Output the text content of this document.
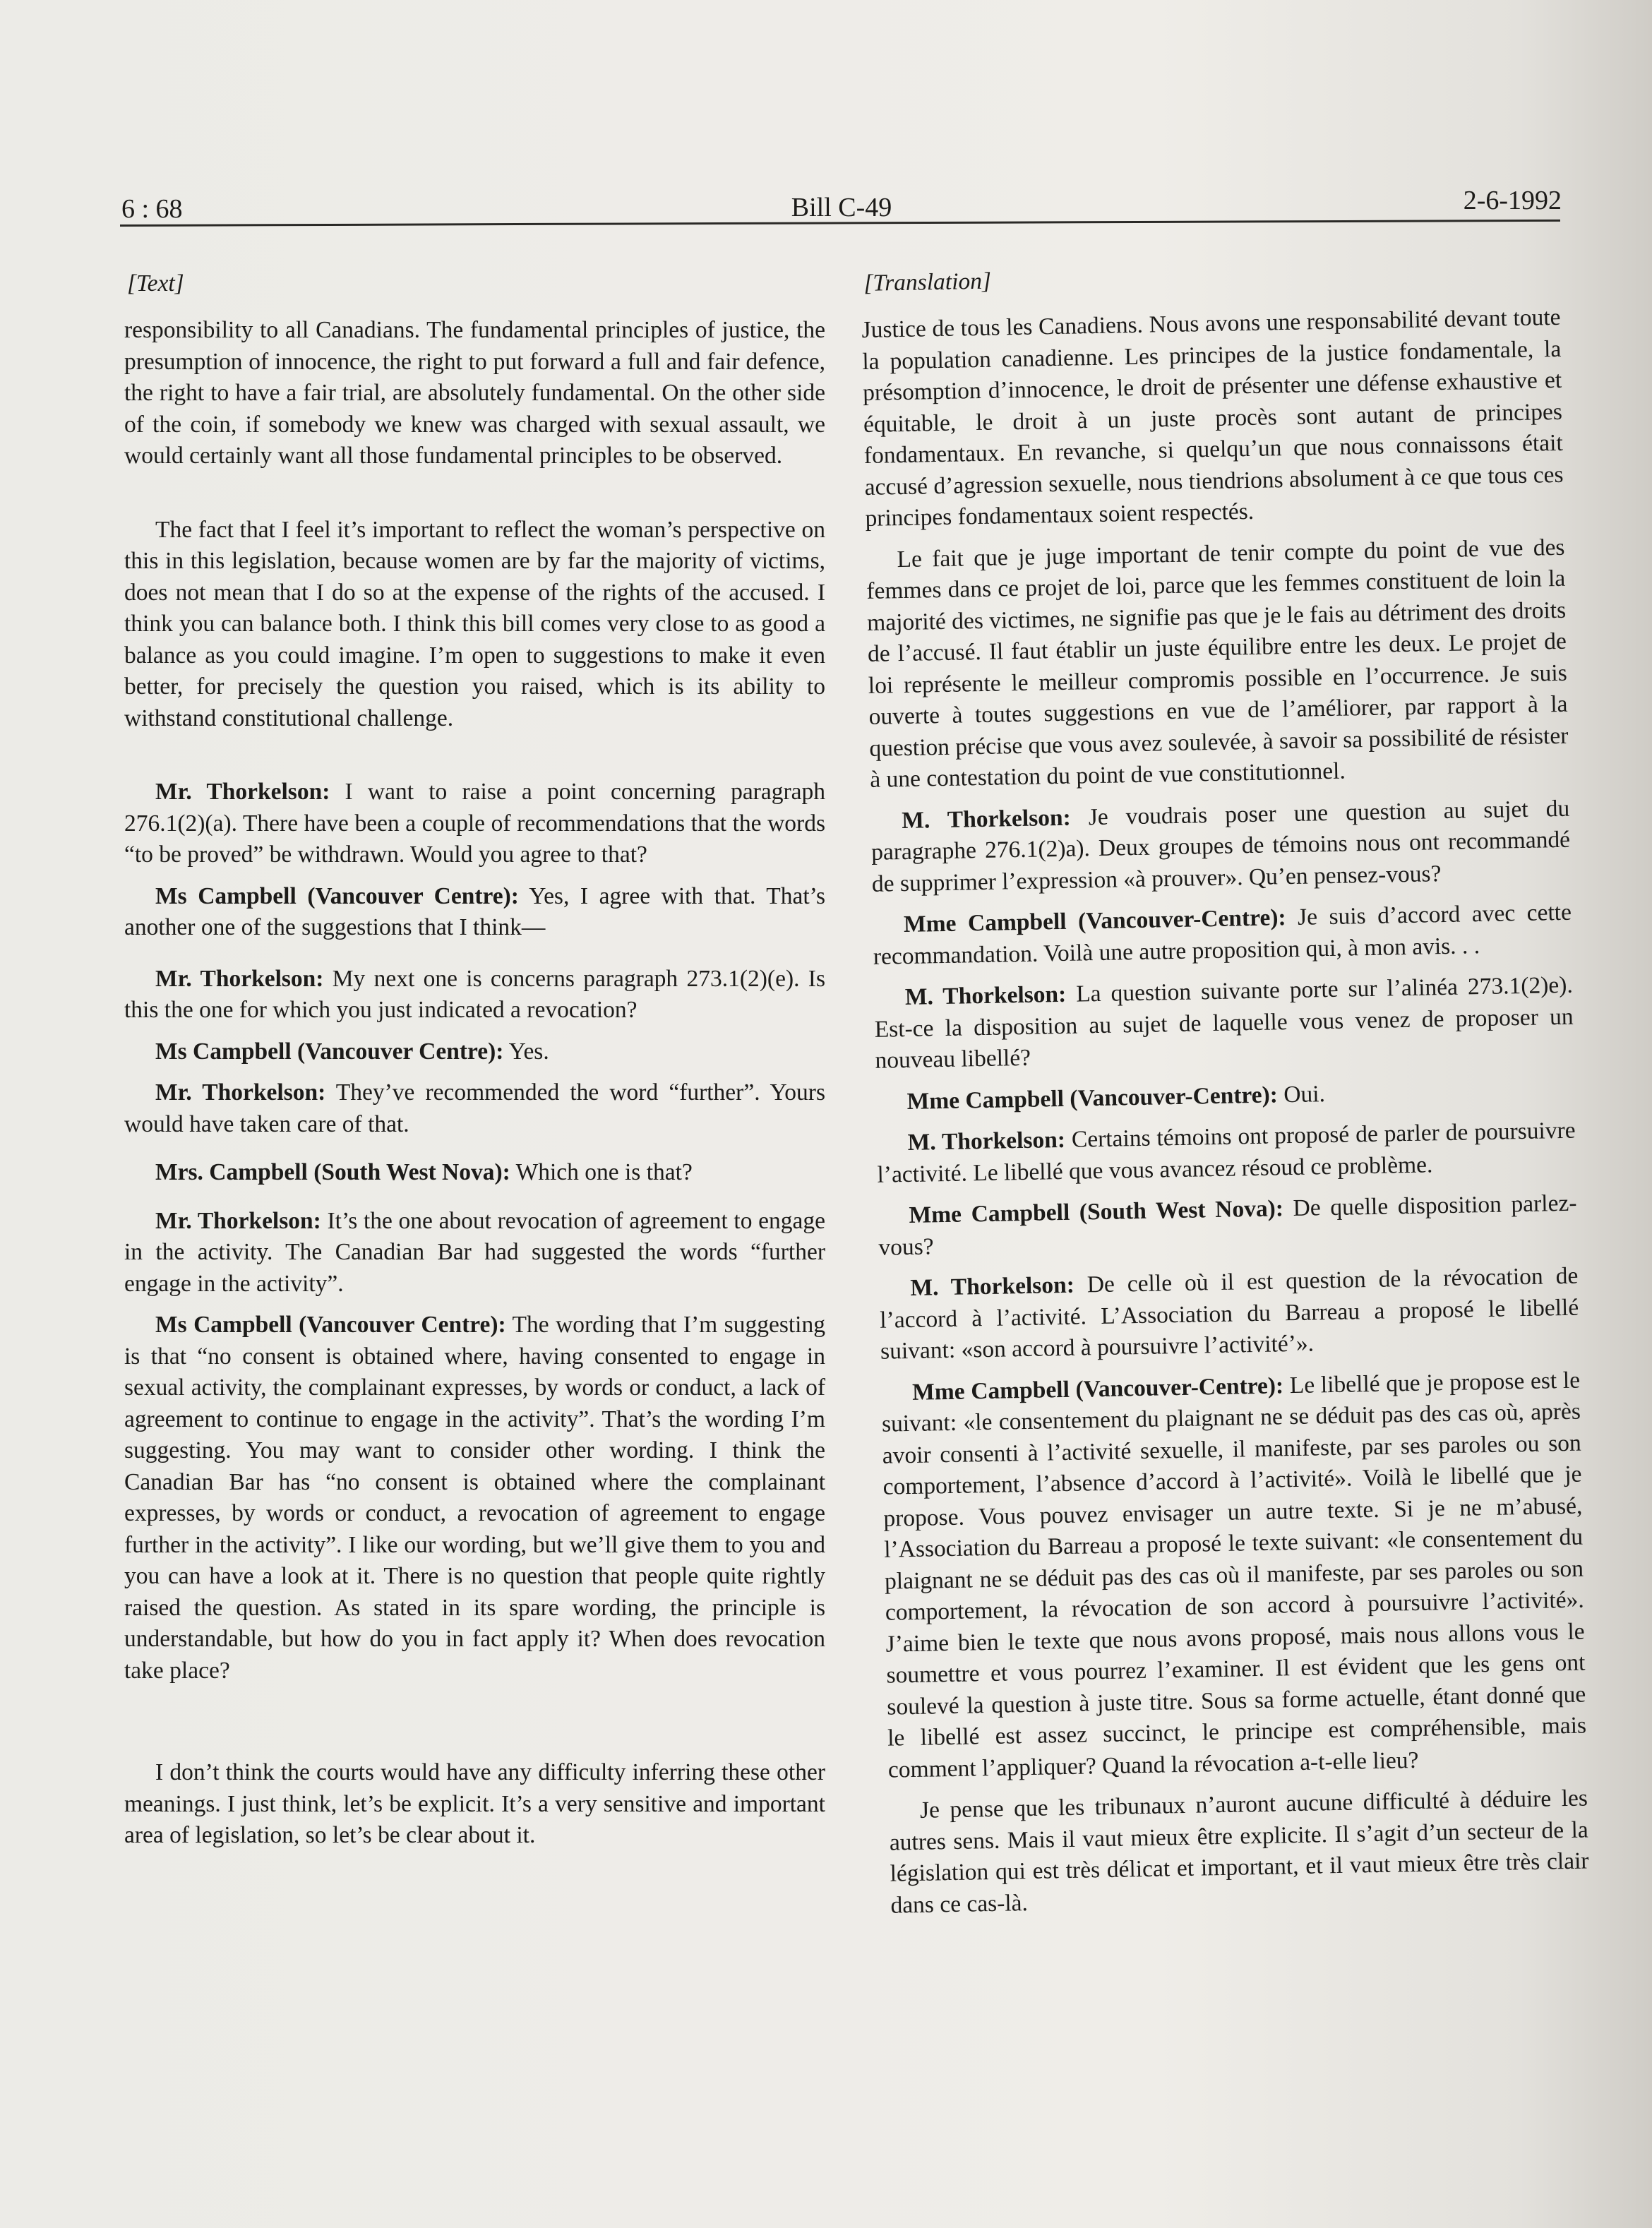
6 : 68	Bill C-49	2-6-1992
[Text]

responsibility to all Canadians. The fundamental principles of justice, the presumption of innocence, the right to put forward a full and fair defence, the right to have a fair trial, are absolutely fundamental. On the other side of the coin, if somebody we knew was charged with sexual assault, we would certainly want all those fundamental principles to be observed.

The fact that I feel it’s important to reflect the woman’s perspective on this in this legislation, because women are by far the majority of victims, does not mean that I do so at the expense of the rights of the accused. I think you can balance both. I think this bill comes very close to as good a balance as you could imagine. I’m open to suggestions to make it even better, for precisely the question you raised, which is its ability to withstand constitutional challenge.

Mr. Thorkelson: I want to raise a point concerning paragraph 276.1(2)(a). There have been a couple of recommendations that the words “to be proved” be withdrawn. Would you agree to that?

Ms Campbell (Vancouver Centre): Yes, I agree with that. That’s another one of the suggestions that I think—

Mr. Thorkelson: My next one is concerns paragraph 273.1(2)(e). Is this the one for which you just indicated a revocation?

Ms Campbell (Vancouver Centre): Yes.

Mr. Thorkelson: They’ve recommended the word “further”. Yours would have taken care of that.

Mrs. Campbell (South West Nova): Which one is that?

Mr. Thorkelson: It’s the one about revocation of agreement to engage in the activity. The Canadian Bar had suggested the words “further engage in the activity”.

Ms Campbell (Vancouver Centre): The wording that I’m suggesting is that “no consent is obtained where, having consented to engage in sexual activity, the complainant expresses, by words or conduct, a lack of agreement to continue to engage in the activity”. That’s the wording I’m suggesting. You may want to consider other wording. I think the Canadian Bar has “no consent is obtained where the complainant expresses, by words or conduct, a revocation of agreement to engage further in the activity”. I like our wording, but we’ll give them to you and you can have a look at it. There is no question that people quite rightly raised the question. As stated in its spare wording, the principle is understandable, but how do you in fact apply it? When does revocation take place?

I don’t think the courts would have any difficulty inferring these other meanings. I just think, let’s be explicit. It’s a very sensitive and important area of legislation, so let’s be clear about it.

[Translation]

Justice de tous les Canadiens. Nous avons une responsabilité devant toute la population canadienne. Les principes de la justice fondamentale, la présomption d’innocence, le droit de présenter une défense exhaustive et équitable, le droit à un juste procès sont autant de principes fondamentaux. En revanche, si quelqu’un que nous connaissons était accusé d’agression sexuelle, nous tiendrions absolument à ce que tous ces principes fondamentaux soient respectés.

Le fait que je juge important de tenir compte du point de vue des femmes dans ce projet de loi, parce que les femmes constituent de loin la majorité des victimes, ne signifie pas que je le fais au détriment des droits de l’accusé. Il faut établir un juste équilibre entre les deux. Le projet de loi représente le meilleur compromis possible en l’occurrence. Je suis ouverte à toutes suggestions en vue de l’améliorer, par rapport à la question précise que vous avez soulevée, à savoir sa possibilité de résister à une contestation du point de vue constitutionnel.

M. Thorkelson: Je voudrais poser une question au sujet du paragraphe 276.1(2)a). Deux groupes de témoins nous ont recommandé de supprimer l’expression «à prouver». Qu’en pensez-vous?

Mme Campbell (Vancouver-Centre): Je suis d’accord avec cette recommandation. Voilà une autre proposition qui, à mon avis. . .

M. Thorkelson: La question suivante porte sur l’alinéa 273.1(2)e). Est-ce la disposition au sujet de laquelle vous venez de proposer un nouveau libellé?

Mme Campbell (Vancouver-Centre): Oui.

M. Thorkelson: Certains témoins ont proposé de parler de poursuivre l’activité. Le libellé que vous avancez résoud ce problème.

Mme Campbell (South West Nova): De quelle disposition parlez-vous?

M. Thorkelson: De celle où il est question de la révocation de l’accord à l’activité. L’Association du Barreau a proposé le libellé suivant: «son accord à poursuivre l’activité’».

Mme Campbell (Vancouver-Centre): Le libellé que je propose est le suivant: «le consentement du plaignant ne se déduit pas des cas où, après avoir consenti à l’activité sexuelle, il manifeste, par ses paroles ou son comportement, l’absence d’accord à l’activité». Voilà le libellé que je propose. Vous pouvez envisager un autre texte. Si je ne m’abusé, l’Association du Barreau a proposé le texte suivant: «le consentement du plaignant ne se déduit pas des cas où il manifeste, par ses paroles ou son comportement, la révocation de son accord à poursuivre l’activité». J’aime bien le texte que nous avons proposé, mais nous allons vous le soumettre et vous pourrez l’examiner. Il est évident que les gens ont soulevé la question à juste titre. Sous sa forme actuelle, étant donné que le libellé est assez succinct, le principe est compréhensible, mais comment l’appliquer? Quand la révocation a-t-elle lieu?

Je pense que les tribunaux n’auront aucune difficulté à déduire les autres sens. Mais il vaut mieux être explicite. Il s’agit d’un secteur de la législation qui est très délicat et important, et il vaut mieux être très clair dans ce cas-là.
